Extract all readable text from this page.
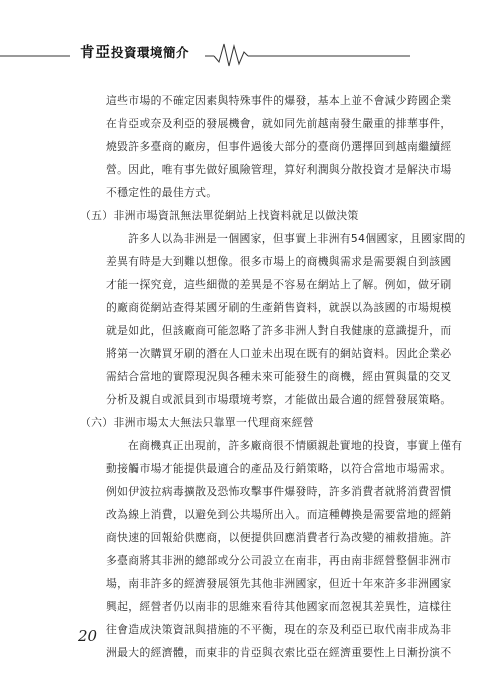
肯亞投資環境簡介
這些市場的不確定因素與特殊事件的爆發，基本上並不會減少跨國企業
在肯亞或奈及利亞的發展機會，就如同先前越南發生嚴重的排華事件，
燒毀許多臺商的廠房，但事件過後大部分的臺商仍選擇回到越南繼續經
營。因此，唯有事先做好風險管理，算好利潤與分散投資才是解決市場
不穩定性的最佳方式。
（五）非洲市場資訊無法單從網站上找資料就足以做決策
許多人以為非洲是一個國家，但事實上非洲有54個國家，且國家間的
差異有時是大到難以想像。很多市場上的商機與需求是需要親自到該國
才能一探究竟，這些細微的差異是不容易在網站上了解。例如，做牙刷
的廠商從網站查得某國牙刷的生產銷售資料，就誤以為該國的市場規模
就是如此，但該廠商可能忽略了許多非洲人對自我健康的意識提升，而
將第一次購買牙刷的潛在人口並未出現在既有的網站資料。因此企業必
需結合當地的實際現況與各種未來可能發生的商機，經由質與量的交叉
分析及親自或派員到市場環境考察，才能做出最合適的經營發展策略。
（六）非洲市場太大無法只靠單一代理商來經營
在商機真正出現前，許多廠商很不情願親赴實地的投資，事實上僅有
動接觸市場才能提供最適合的產品及行銷策略，以符合當地市場需求。
例如伊波拉病毒擴散及恐怖攻擊事件爆發時，許多消費者就將消費習慣
改為線上消費，以避免到公共場所出入。而這種轉換是需要當地的經銷
商快速的回報給供應商，以便提供回應消費者行為改變的補救措施。許
多臺商將其非洲的總部或分公司設立在南非，再由南非經營整個非洲市
場，南非許多的經濟發展領先其他非洲國家，但近十年來許多非洲國家
興起，經營者仍以南非的思維來看待其他國家而忽視其差異性，這樣往
往會造成決策資訊與措施的不平衡，現在的奈及利亞已取代南非成為非
洲最大的經濟體，而東非的肯亞與衣索比亞在經濟重要性上日漸扮演不
20
